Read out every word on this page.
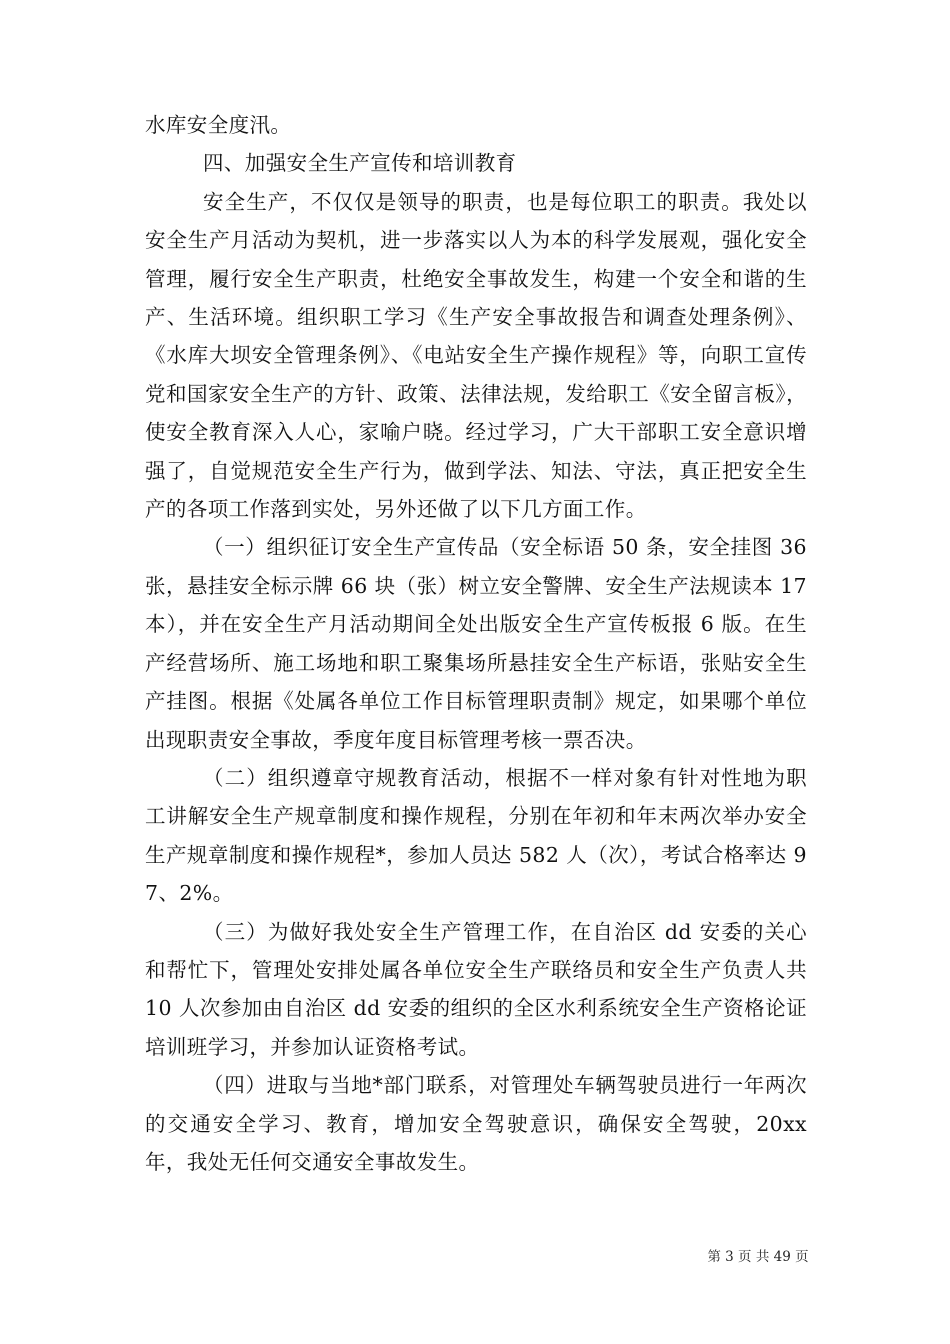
水库安全度汛。

四、加强安全生产宣传和培训教育

安全生产，不仅仅是领导的职责，也是每位职工的职责。我处以安全生产月活动为契机，进一步落实以人为本的科学发展观，强化安全管理，履行安全生产职责，杜绝安全事故发生，构建一个安全和谐的生产、生活环境。组织职工学习《生产安全事故报告和调查处理条例》、《水库大坝安全管理条例》、《电站安全生产操作规程》等，向职工宣传党和国家安全生产的方针、政策、法律法规，发给职工《安全留言板》，使安全教育深入人心，家喻户晓。经过学习，广大干部职工安全意识增强了，自觉规范安全生产行为，做到学法、知法、守法，真正把安全生产的各项工作落到实处，另外还做了以下几方面工作。

（一）组织征订安全生产宣传品（安全标语 50 条，安全挂图 36 张，悬挂安全标示牌 66 块（张）树立安全警牌、安全生产法规读本 17 本），并在安全生产月活动期间全处出版安全生产宣传板报 6 版。在生产经营场所、施工场地和职工聚集场所悬挂安全生产标语，张贴安全生产挂图。根据《处属各单位工作目标管理职责制》规定，如果哪个单位出现职责安全事故，季度年度目标管理考核一票否决。

（二）组织遵章守规教育活动，根据不一样对象有针对性地为职工讲解安全生产规章制度和操作规程，分别在年初和年末两次举办安全生产规章制度和操作规程*，参加人员达 582 人（次），考试合格率达 97、2%。

（三）为做好我处安全生产管理工作，在自治区 dd 安委的关心和帮忙下，管理处安排处属各单位安全生产联络员和安全生产负责人共 10 人次参加由自治区 dd 安委的组织的全区水利系统安全生产资格论证培训班学习，并参加认证资格考试。

（四）进取与当地*部门联系，对管理处车辆驾驶员进行一年两次的交通安全学习、教育，增加安全驾驶意识，确保安全驾驶，20xx 年，我处无任何交通安全事故发生。

第 3 页 共 49 页
